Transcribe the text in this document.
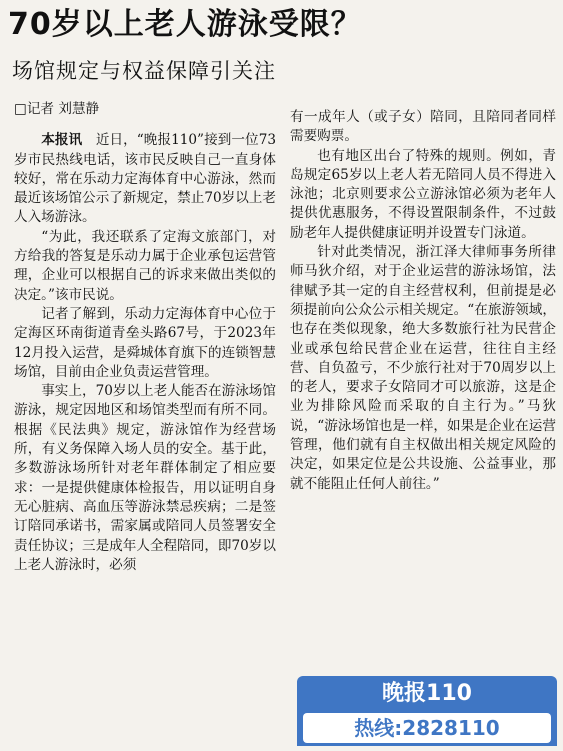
70岁以上老人游泳受限？
场馆规定与权益保障引关注
□记者 刘慧静

本报讯　 近日，“晚报110”接到一位73岁市民热线电话，该市民反映自己一直身体较好，常在乐动力定海体育中心游泳，然而最近该场馆公示了新规定，禁止70岁以上老人入场游泳。

“为此，我还联系了定海文旅部门，对方给我的答复是乐动力属于企业承包运营管理，企业可以根据自己的诉求来做出类似的决定。”该市民说。

记者了解到，乐动力定海体育中心位于定海区环南街道青垒头路67号，于2023年12月投入运营，是舜城体育旗下的连锁智慧场馆，目前由企业负责运营管理。

事实上，70岁以上老人能否在游泳场馆游泳，规定因地区和场馆类型而有所不同。根据《民法典》规定，游泳馆作为经营场所，有义务保障入场人员的安全。基于此，多数游泳场所针对老年群体制定了相应要求：一是提供健康体检报告，用以证明自身无心脏病、高血压等游泳禁忌疾病；二是签订陪同承诺书，需家属或陪同人员签署安全责任协议；三是成年人全程陪同，即70岁以上老人游泳时，必须

有一成年人（或子女）陪同，且陪同者同样需要购票。

也有地区出台了特殊的规则。例如，青岛规定65岁以上老人若无陪同人员不得进入泳池；北京则要求公立游泳馆必须为老年人提供优惠服务，不得设置限制条件，不过鼓励老年人提供健康证明并设置专门泳道。

针对此类情况，浙江泽大律师事务所律师马狄介绍，对于企业运营的游泳场馆，法律赋予其一定的自主经营权利，但前提是必须提前向公众公示相关规定。“在旅游领域，也存在类似现象，绝大多数旅行社为民营企业或承包给民营企业在运营，往往自主经营、自负盈亏，不少旅行社对于70周岁以上的老人，要求子女陪同才可以旅游，这是企业为排除风险而采取的自主行为。”马狄说，“游泳场馆也是一样，如果是企业在运营管理，他们就有自主权做出相关规定风险的决定，如果定位是公共设施、公益事业，那就不能阻止任何人前往。”

晚报110
热线:2828110
